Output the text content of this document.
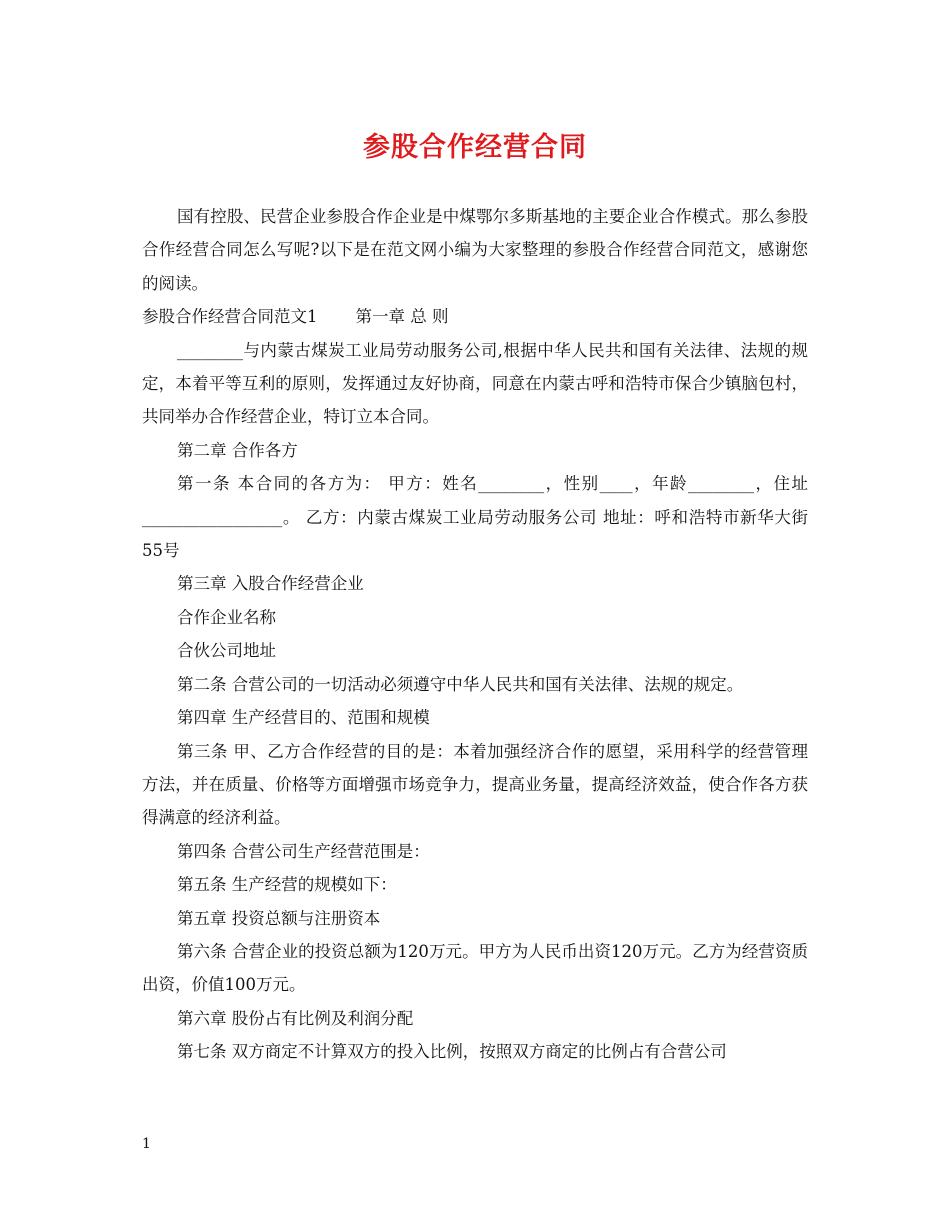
参股合作经营合同

国有控股、民营企业参股合作企业是中煤鄂尔多斯基地的主要企业合作模式。那么参股合作经营合同怎么写呢?以下是在范文网小编为大家整理的参股合作经营合同范文，感谢您的阅读。

参股合作经营合同范文1 第一章 总 则

________与内蒙古煤炭工业局劳动服务公司,根据中华人民共和国有关法律、法规的规定，本着平等互利的原则，发挥通过友好协商，同意在内蒙古呼和浩特市保合少镇脑包村，共同举办合作经营企业，特订立本合同。

第二章 合作各方

第一条 本合同的各方为： 甲方：姓名________，性别____，年龄________，住址_________________。 乙方：内蒙古煤炭工业局劳动服务公司 地址：呼和浩特市新华大街55号

第三章 入股合作经营企业

合作企业名称

合伙公司地址

第二条 合营公司的一切活动必须遵守中华人民共和国有关法律、法规的规定。

第四章 生产经营目的、范围和规模

第三条 甲、乙方合作经营的目的是：本着加强经济合作的愿望，采用科学的经营管理方法，并在质量、价格等方面增强市场竞争力，提高业务量，提高经济效益，使合作各方获得满意的经济利益。

第四条 合营公司生产经营范围是：

第五条 生产经营的规模如下：

第五章 投资总额与注册资本

第六条 合营企业的投资总额为120万元。甲方为人民币出资120万元。乙方为经营资质出资，价值100万元。

第六章 股份占有比例及利润分配

第七条 双方商定不计算双方的投入比例，按照双方商定的比例占有合营公司

1
